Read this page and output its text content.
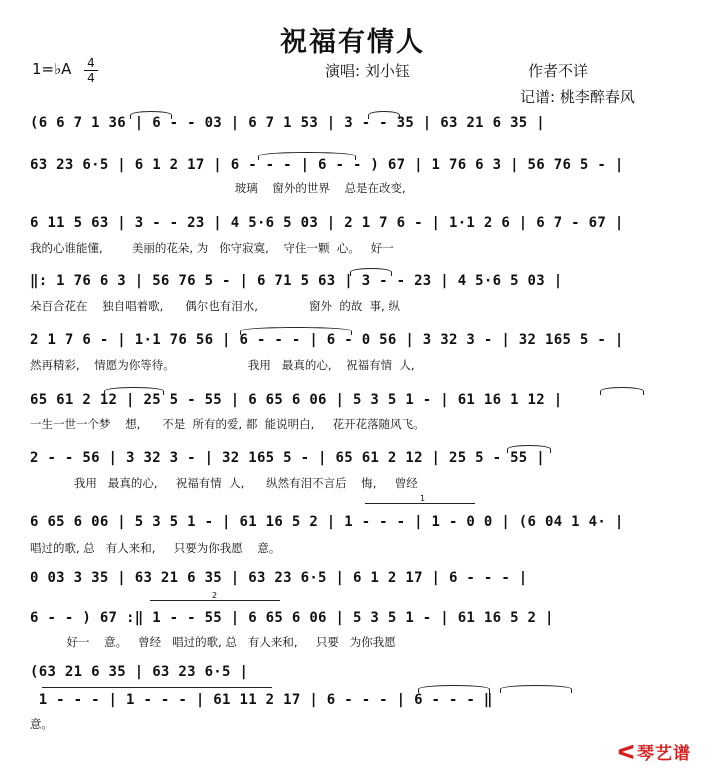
祝福有情人
1=♭A 4
4	演唱: 刘小钰	作者不详
记谱: 桃李醉春风
(6 6 7 1 36 | 6 - - 03 | 6 7 1 53 | 3 - - 35 | 63 21 6 35 |
63 23 6·5 | 6 1 2 17 | 6 - - - | 6 - - ) 67 | 1 76 6 3 | 56 76 5 - |
玻璃    窗外的世界    总是在改变,
6 11 5 63 | 3 - - 23 | 4 5·6 5 03 | 2 1 7 6 - | 1·1 2 6 | 6 7 - 67 |
我的心谁能懂,        美丽的花朵, 为   你守寂寞,    守住一颗  心。   好一
‖: 1 76 6 3 | 56 76 5 - | 6 71 5 63 | 3 - - 23 | 4 5·6 5 03 |
朵百合花在    独自唱着歌,      偶尔也有泪水,              窗外  的故  事, 纵
2 1 7 6 - | 1·1 76 56 | 6 - - - | 6 - 0 56 | 3 32 3 - | 32 165 5 - |
然再精彩,    情愿为你等待。                    我用   最真的心,    祝福有情  人,
65 61 2 12 | 25 5 - 55 | 6 65 6 06 | 5 3 5 1 - | 61 16 1 12 |
一生一世一个梦    想,      不是  所有的爱, 都  能说明白,     花开花落随风飞。
2 - - 56 | 3 32 3 - | 32 165 5 - | 65 61 2 12 | 25 5 - 55 |
我用   最真的心,     祝福有情  人,      纵然有泪不言后    悔,     曾经
6 65 6 06 | 5 3 5 1 - | 61 16 5 2 | 1 - - - | 1 - 0 0 | (6 04 1 4· |
唱过的歌, 总   有人来和,     只要为你我愿    意。
0 03 3 35 | 63 21 6 35 | 63 23 6·5 | 6 1 2 17 | 6 - - - |
6 - - ) 67 :‖ 1 - - 55 | 6 65 6 06 | 5 3 5 1 - | 61 16 5 2 |
好一    意。   曾经   唱过的歌, 总   有人来和,     只要   为你我愿
(63 21 6 35 | 63 23 6·5 |
1 - - - | 1 - - - | 61 11 2 17 | 6 - - - | 6 - - - ‖
意。
1
2
ᐸ 琴艺谱
